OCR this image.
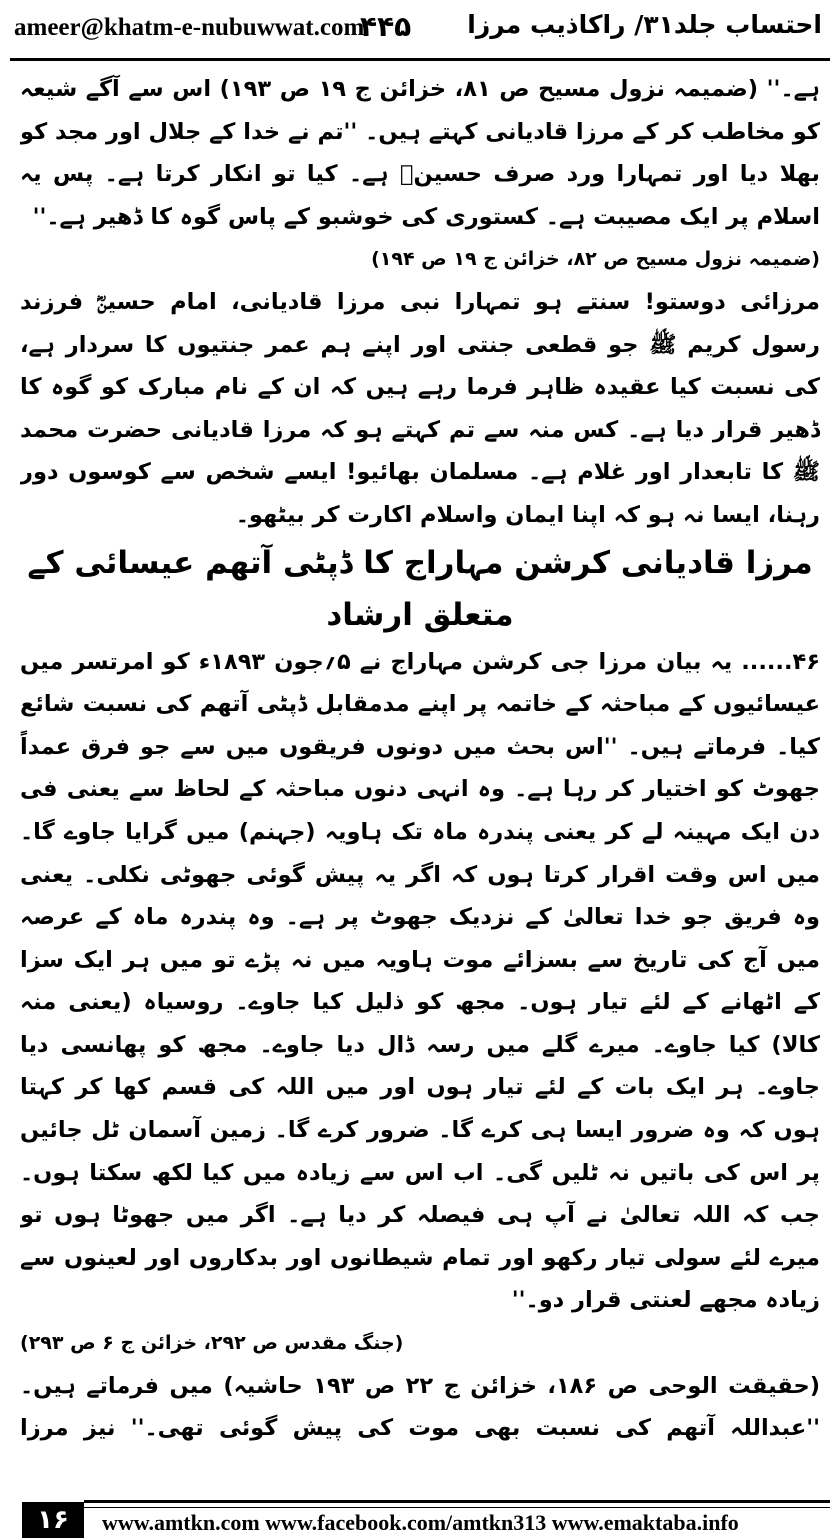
ameer@khatm-e-nubuwwat.com
۴۴۵ احتساب جلد۳۱/ راکاذیب مرزا

ہے۔'' (ضمیمہ نزول مسیح ص ۸۱، خزائن ج ۱۹ ص ۱۹۳) اس سے آگے شیعہ کو مخاطب کر کے مرزا قادیانی کہتے ہیں۔ ''تم نے خدا کے جلال اور مجد کو بھلا دیا اور تمہارا ورد صرف حسینؓ ہے۔ کیا تو انکار کرتا ہے۔ پس یہ اسلام پر ایک مصیبت ہے۔ کستوری کی خوشبو کے پاس گوہ کا ڈھیر ہے۔''

(ضمیمہ نزول مسیح ص ۸۲، خزائن ج ۱۹ ص ۱۹۴)

مرزائی دوستو! سنتے ہو تمہارا نبی مرزا قادیانی، امام حسینؓ فرزند رسول کریم ﷺ جو قطعی جنتی اور اپنے ہم عمر جنتیوں کا سردار ہے، کی نسبت کیا عقیدہ ظاہر فرما رہے ہیں کہ ان کے نام مبارک کو گوہ کا ڈھیر قرار دیا ہے۔ کس منہ سے تم کہتے ہو کہ مرزا قادیانی حضرت محمد ﷺ کا تابعدار اور غلام ہے۔ مسلمان بھائیو! ایسے شخص سے کوسوں دور رہنا، ایسا نہ ہو کہ اپنا ایمان واسلام اکارت کر بیٹھو۔

مرزا قادیانی کرشن مہاراج کا ڈپٹی آتھم عیسائی کے متعلق ارشاد

۴۶...... یہ بیان مرزا جی کرشن مہاراج نے ۵؍جون ۱۸۹۳ء کو امرتسر میں عیسائیوں کے مباحثہ کے خاتمہ پر اپنے مدمقابل ڈپٹی آتھم کی نسبت شائع کیا۔ فرماتے ہیں۔ ''اس بحث میں دونوں فریقوں میں سے جو فرق عمداً جھوٹ کو اختیار کر رہا ہے۔ وہ انہی دنوں مباحثہ کے لحاظ سے یعنی فی دن ایک مہینہ لے کر یعنی پندرہ ماہ تک ہاویہ (جہنم) میں گرایا جاوے گا۔ میں اس وقت اقرار کرتا ہوں کہ اگر یہ پیش گوئی جھوٹی نکلی۔ یعنی وہ فریق جو خدا تعالیٰ کے نزدیک جھوٹ پر ہے۔ وہ پندرہ ماہ کے عرصہ میں آج کی تاریخ سے بسزائے موت ہاویہ میں نہ پڑے تو میں ہر ایک سزا کے اٹھانے کے لئے تیار ہوں۔ مجھ کو ذلیل کیا جاوے۔ روسیاہ (یعنی منہ کالا) کیا جاوے۔ میرے گلے میں رسہ ڈال دیا جاوے۔ مجھ کو پھانسی دیا جاوے۔ ہر ایک بات کے لئے تیار ہوں اور میں اللہ کی قسم کھا کر کہتا ہوں کہ وہ ضرور ایسا ہی کرے گا۔ ضرور کرے گا۔ زمین آسمان ٹل جائیں پر اس کی باتیں نہ ٹلیں گی۔ اب اس سے زیادہ میں کیا لکھ سکتا ہوں۔ جب کہ اللہ تعالیٰ نے آپ ہی فیصلہ کر دیا ہے۔ اگر میں جھوٹا ہوں تو میرے لئے سولی تیار رکھو اور تمام شیطانوں اور بدکاروں اور لعینوں سے زیادہ مجھے لعنتی قرار دو۔''

(جنگ مقدس ص ۲۹۲، خزائن ج ۶ ص ۲۹۳)

(حقیقت الوحی ص ۱۸۶، خزائن ج ۲۲ ص ۱۹۳ حاشیہ) میں فرماتے ہیں۔ ''عبداللہ آتھم کی نسبت بھی موت کی پیش گوئی تھی۔'' نیز مرزا

۱۶	www.amtkn.com www.facebook.com/amtkn313 www.emaktaba.info
